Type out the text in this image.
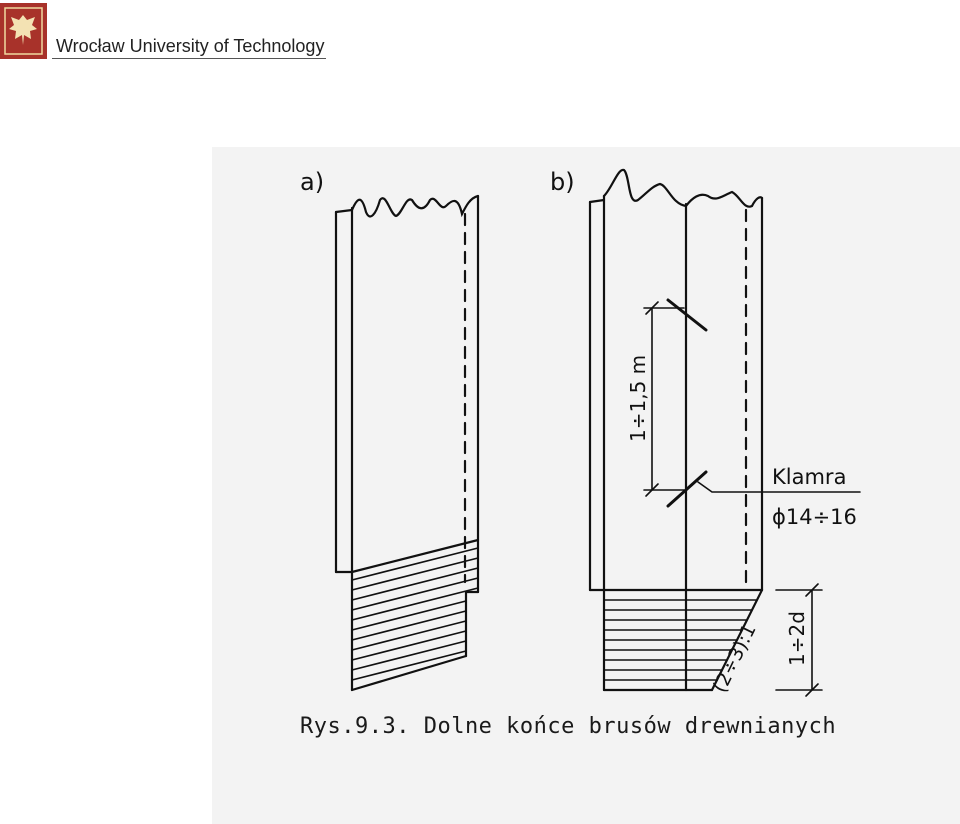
Wrocław University of Technology
a)	b)
1÷1,5 m
Klamra
ϕ14÷16
1÷2d
(2÷3):1
Rys.9.3. Dolne końce brusów drewnianych
